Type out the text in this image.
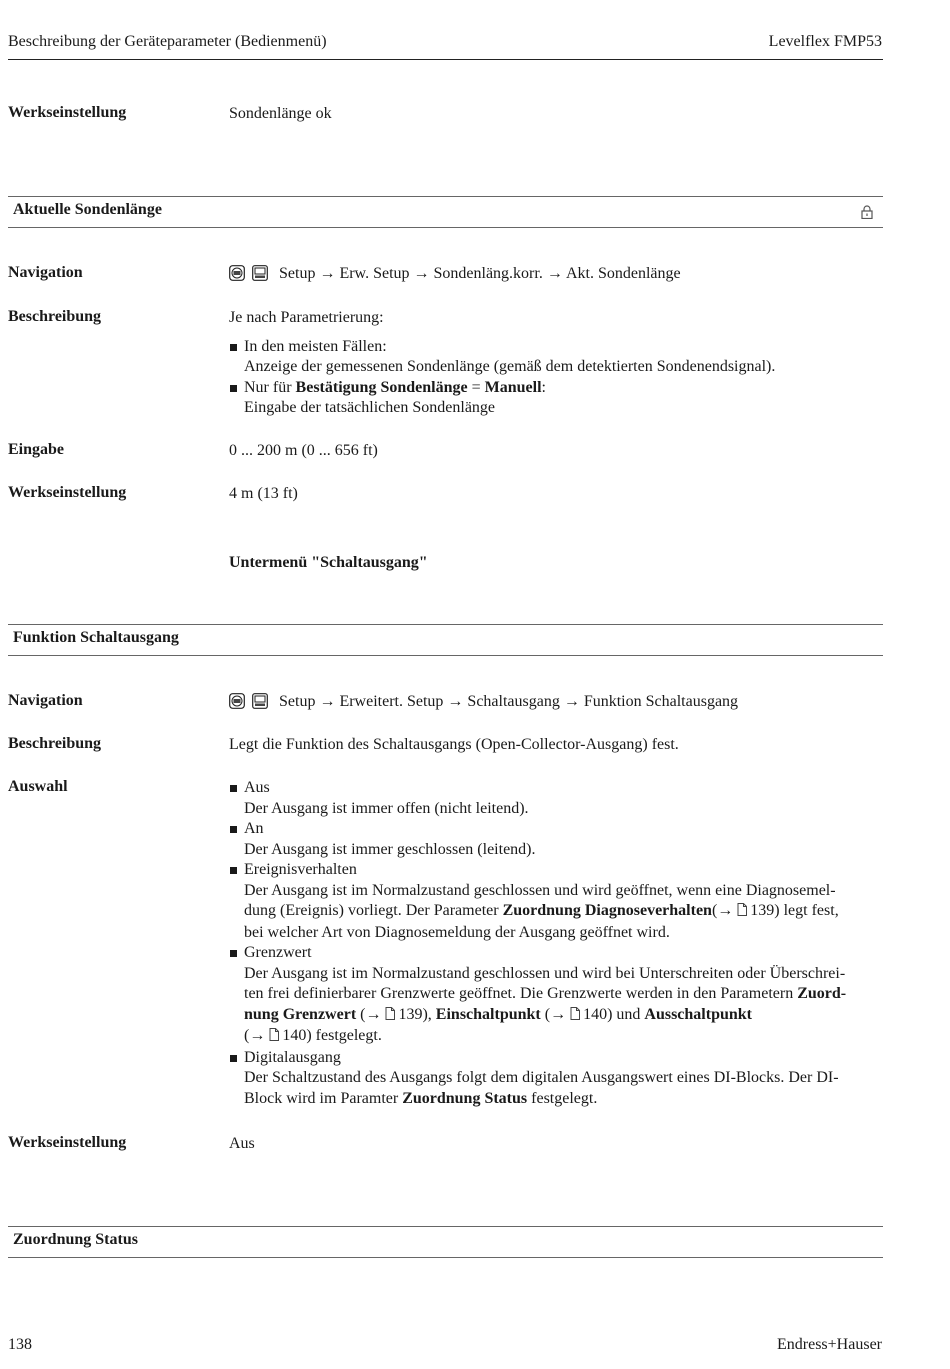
Beschreibung der Geräteparameter (Bedienmenü)	Levelflex FMP53
Werkseinstellung	Sondenlänge ok
Aktuelle Sondenlänge
Navigation	Setup → Erw. Setup → Sondenläng.korr. → Akt. Sondenlänge
Beschreibung	Je nach Parametrierung:
In den meisten Fällen:
Anzeige der gemessenen Sondenlänge (gemäß dem detektierten Sondenendsignal).
Nur für Bestätigung Sondenlänge = Manuell:
Eingabe der tatsächlichen Sondenlänge
Eingabe	0 ... 200 m (0 ... 656 ft)
Werkseinstellung	4 m (13 ft)
Untermenü "Schaltausgang"
Funktion Schaltausgang
Navigation	Setup → Erweitert. Setup → Schaltausgang → Funktion Schaltausgang
Beschreibung	Legt die Funktion des Schaltausgangs (Open-Collector-Ausgang) fest.
Auswahl	Aus
Der Ausgang ist immer offen (nicht leitend).
An
Der Ausgang ist immer geschlossen (leitend).
Ereignisverhalten
Der Ausgang ist im Normalzustand geschlossen und wird geöffnet, wenn eine Diagnosemel-
dung (Ereignis) vorliegt. Der Parameter Zuordnung Diagnoseverhalten(→ 139) legt fest,
bei welcher Art von Diagnosemeldung der Ausgang geöffnet wird.
Grenzwert
Der Ausgang ist im Normalzustand geschlossen und wird bei Unterschreiten oder Überschrei-
ten frei definierbarer Grenzwerte geöffnet. Die Grenzwerte werden in den Parametern Zuord-
nung Grenzwert (→ 139), Einschaltpunkt (→ 140) und Ausschaltpunkt
(→ 140) festgelegt.
Digitalausgang
Der Schaltzustand des Ausgangs folgt dem digitalen Ausgangswert eines DI-Blocks. Der DI-
Block wird im Paramter Zuordnung Status festgelegt.
Werkseinstellung	Aus
Zuordnung Status
138	Endress+Hauser
